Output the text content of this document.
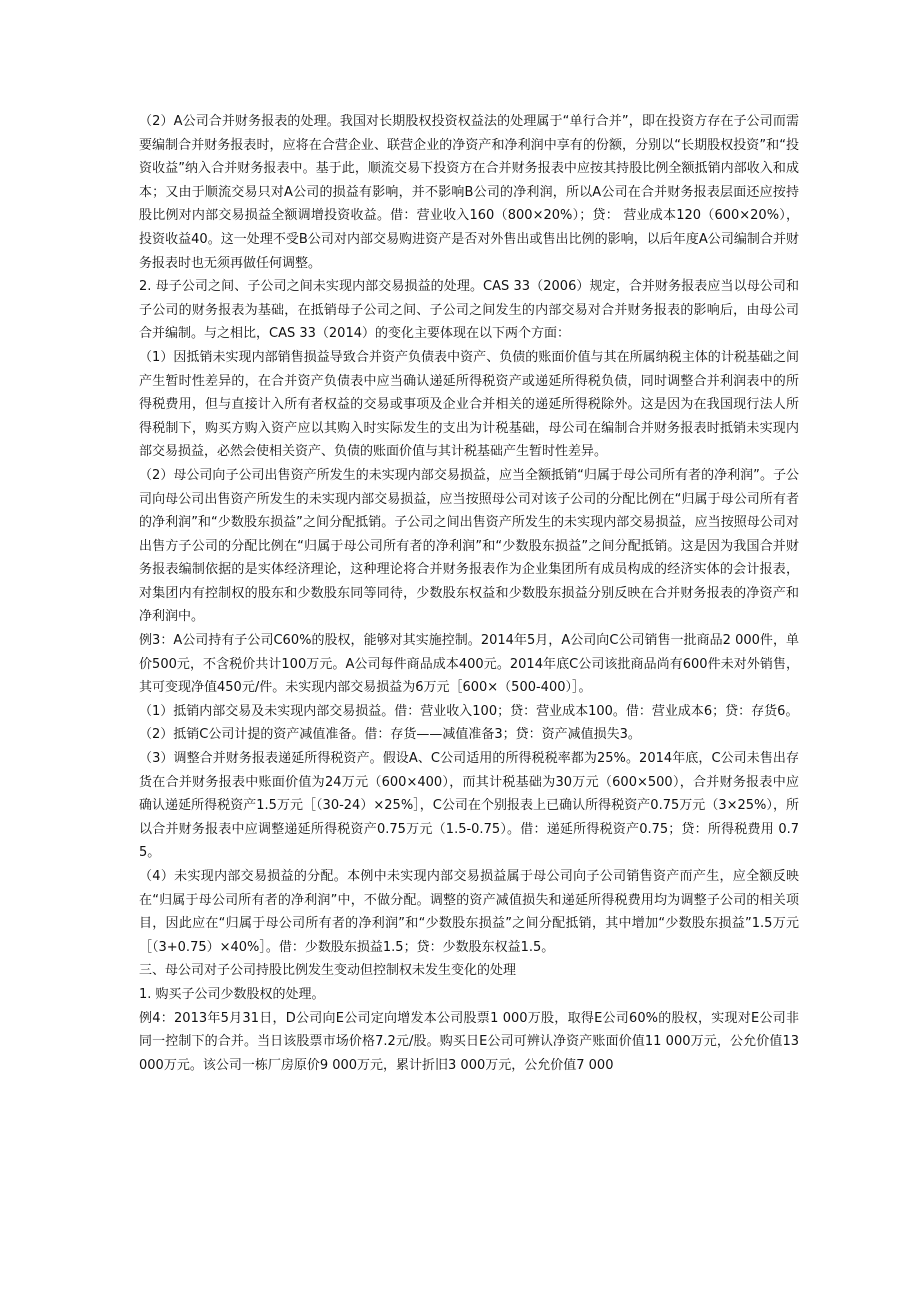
（2）A公司合并财务报表的处理。我国对长期股权投资权益法的处理属于“单行合并”，即在投资方存在子公司而需要编制合并财务报表时，应将在合营企业、联营企业的净资产和净利润中享有的份额，分别以“长期股权投资”和“投资收益”纳入合并财务报表中。基于此，顺流交易下投资方在合并财务报表中应按其持股比例全额抵销内部收入和成本；又由于顺流交易只对A公司的损益有影响，并不影响B公司的净利润，所以A公司在合并财务报表层面还应按持股比例对内部交易损益全额调增投资收益。借：营业收入160（800×20%）；贷： 营业成本120（600×20%），投资收益40。这一处理不受B公司对内部交易购进资产是否对外售出或售出比例的影响，以后年度A公司编制合并财务报表时也无须再做任何调整。

2. 母子公司之间、子公司之间未实现内部交易损益的处理。CAS 33（2006）规定，合并财务报表应当以母公司和子公司的财务报表为基础，在抵销母子公司之间、子公司之间发生的内部交易对合并财务报表的影响后，由母公司合并编制。与之相比，CAS 33（2014）的变化主要体现在以下两个方面：

（1）因抵销未实现内部销售损益导致合并资产负债表中资产、负债的账面价值与其在所属纳税主体的计税基础之间产生暂时性差异的，在合并资产负债表中应当确认递延所得税资产或递延所得税负债，同时调整合并利润表中的所得税费用，但与直接计入所有者权益的交易或事项及企业合并相关的递延所得税除外。这是因为在我国现行法人所得税制下，购买方购入资产应以其购入时实际发生的支出为计税基础，母公司在编制合并财务报表时抵销未实现内部交易损益，必然会使相关资产、负债的账面价值与其计税基础产生暂时性差异。

（2）母公司向子公司出售资产所发生的未实现内部交易损益，应当全额抵销“归属于母公司所有者的净利润”。子公司向母公司出售资产所发生的未实现内部交易损益，应当按照母公司对该子公司的分配比例在“归属于母公司所有者的净利润”和“少数股东损益”之间分配抵销。子公司之间出售资产所发生的未实现内部交易损益，应当按照母公司对出售方子公司的分配比例在“归属于母公司所有者的净利润”和“少数股东损益”之间分配抵销。这是因为我国合并财务报表编制依据的是实体经济理论，这种理论将合并财务报表作为企业集团所有成员构成的经济实体的会计报表，对集团内有控制权的股东和少数股东同等同待，少数股东权益和少数股东损益分别反映在合并财务报表的净资产和净利润中。

例3：A公司持有子公司C60%的股权，能够对其实施控制。2014年5月，A公司向C公司销售一批商品2 000件，单价500元，不含税价共计100万元。A公司每件商品成本400元。2014年底C公司该批商品尚有600件未对外销售，其可变现净值450元/件。未实现内部交易损益为6万元［600×（500-400）］。

（1）抵销内部交易及未实现内部交易损益。借：营业收入100；贷：营业成本100。借：营业成本6；贷：存货6。

（2）抵销C公司计提的资产减值准备。借：存货——减值准备3；贷：资产减值损失3。

（3）调整合并财务报表递延所得税资产。假设A、C公司适用的所得税税率都为25%。2014年底，C公司未售出存货在合并财务报表中账面价值为24万元（600×400），而其计税基础为30万元（600×500），合并财务报表中应确认递延所得税资产1.5万元［（30-24）×25%］，C公司在个别报表上已确认所得税资产0.75万元（3×25%），所以合并财务报表中应调整递延所得税资产0.75万元（1.5-0.75）。借：递延所得税资产0.75；贷：所得税费用 0.75。

（4）未实现内部交易损益的分配。本例中未实现内部交易损益属于母公司向子公司销售资产而产生，应全额反映在“归属于母公司所有者的净利润”中，不做分配。调整的资产减值损失和递延所得税费用均为调整子公司的相关项目，因此应在“归属于母公司所有者的净利润”和“少数股东损益”之间分配抵销，其中增加“少数股东损益”1.5万元［（3+0.75）×40%］。借：少数股东损益1.5；贷：少数股东权益1.5。

三、母公司对子公司持股比例发生变动但控制权未发生变化的处理

1. 购买子公司少数股权的处理。

例4：2013年5月31日，D公司向E公司定向增发本公司股票1 000万股，取得E公司60%的股权，实现对E公司非同一控制下的合并。当日该股票市场价格7.2元/股。购买日E公司可辨认净资产账面价值11 000万元，公允价值13 000万元。该公司一栋厂房原价9 000万元，累计折旧3 000万元，公允价值7 000
